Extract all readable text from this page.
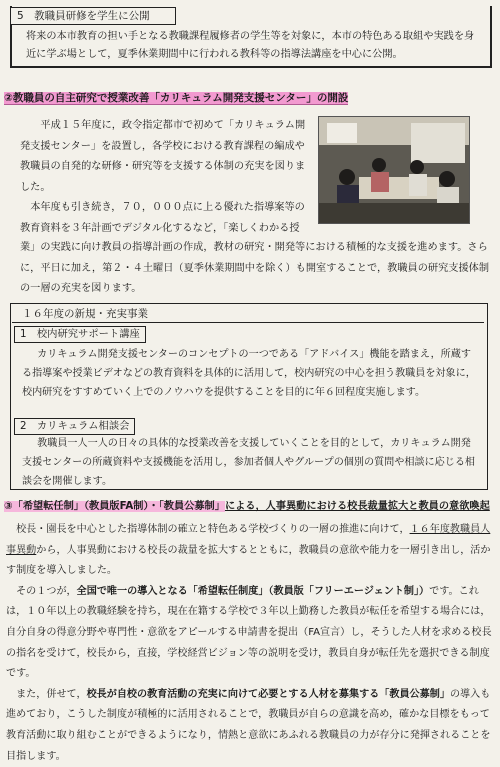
5　教職員研修を学生に公開
将来の本市教育の担い手となる教職課程履修者の学生等を対象に，本市の特色ある取組や実践を身近に学ぶ場として，夏季休業期間中に行われる教科等の指導法講座を中心に公開。
②教職員の自主研究で授業改善「カリキュラム開発支援センター」の開設
平成１５年度に，政令指定都市で初めて「カリキュラム開発支援センター」を設置し，各学校における教育課程の編成や教職員の自発的な研修・研究等を支援する体制の充実を図りました。
本年度も引き続き，７０，０００点に上る優れた指導案等の教育資料を３年計画でデジタル化するなど，「楽しくわかる授
業」の実践に向け教員の指導計画の作成，教材の研究・開発等における積極的な支援を進めます。さらに，平日に加え，第２・４土曜日（夏季休業期間中を除く）も開室することで，教職員の研究支援体制の一層の充実を図ります。
１６年度の新規・充実事業
1　校内研究サポート講座
カリキュラム開発支援センターのコンセプトの一つである「アドバイス」機能を踏まえ，所蔵する指導案や授業ビデオなどの教育資料を具体的に活用して，校内研究の中心を担う教職員を対象に，校内研究をすすめていく上でのノウハウを提供することを目的に年６回程度実施します。
2　カリキュラム相談会
教職員一人一人の日々の具体的な授業改善を支援していくことを目的として，カリキュラム開発支援センターの所蔵資料や支援機能を活用し，参加者個人やグループの個別の質問や相談に応じる相談会を開催します。
③「希望転任制」（教員版FA制）・「教員公募制」による，人事異動における校長裁量拡大と教員の意欲喚起
校長・園長を中心とした指導体制の確立と特色ある学校づくりの一層の推進に向けて，１６年度教職員人事異動から，人事異動における校長の裁量を拡大するとともに，教職員の意欲や能力を一層引き出し，活かす制度を導入しました。
その１つが，全国で唯一の導入となる「希望転任制度」（教員版「フリーエージェント制」）です。これは，１０年以上の教職経験を持ち，現在在籍する学校で３年以上勤務した教員が転任を希望する場合には，自分自身の得意分野や専門性・意欲をアピールする申請書を提出（FA宣言）し，そうした人材を求める校長の指名を受けて，校長から，直接，学校経営ビジョン等の説明を受け，教員自身が転任先を選択できる制度です。
また，併せて，校長が自校の教育活動の充実に向けて必要とする人材を募集する「教員公募制」の導入も進めており，こうした制度が積極的に活用されることで，教職員が自らの意識を高め，確かな目標をもって教育活動に取り組むことができるようになり，情熱と意欲にあふれる教職員の力が存分に発揮されることを目指します。
